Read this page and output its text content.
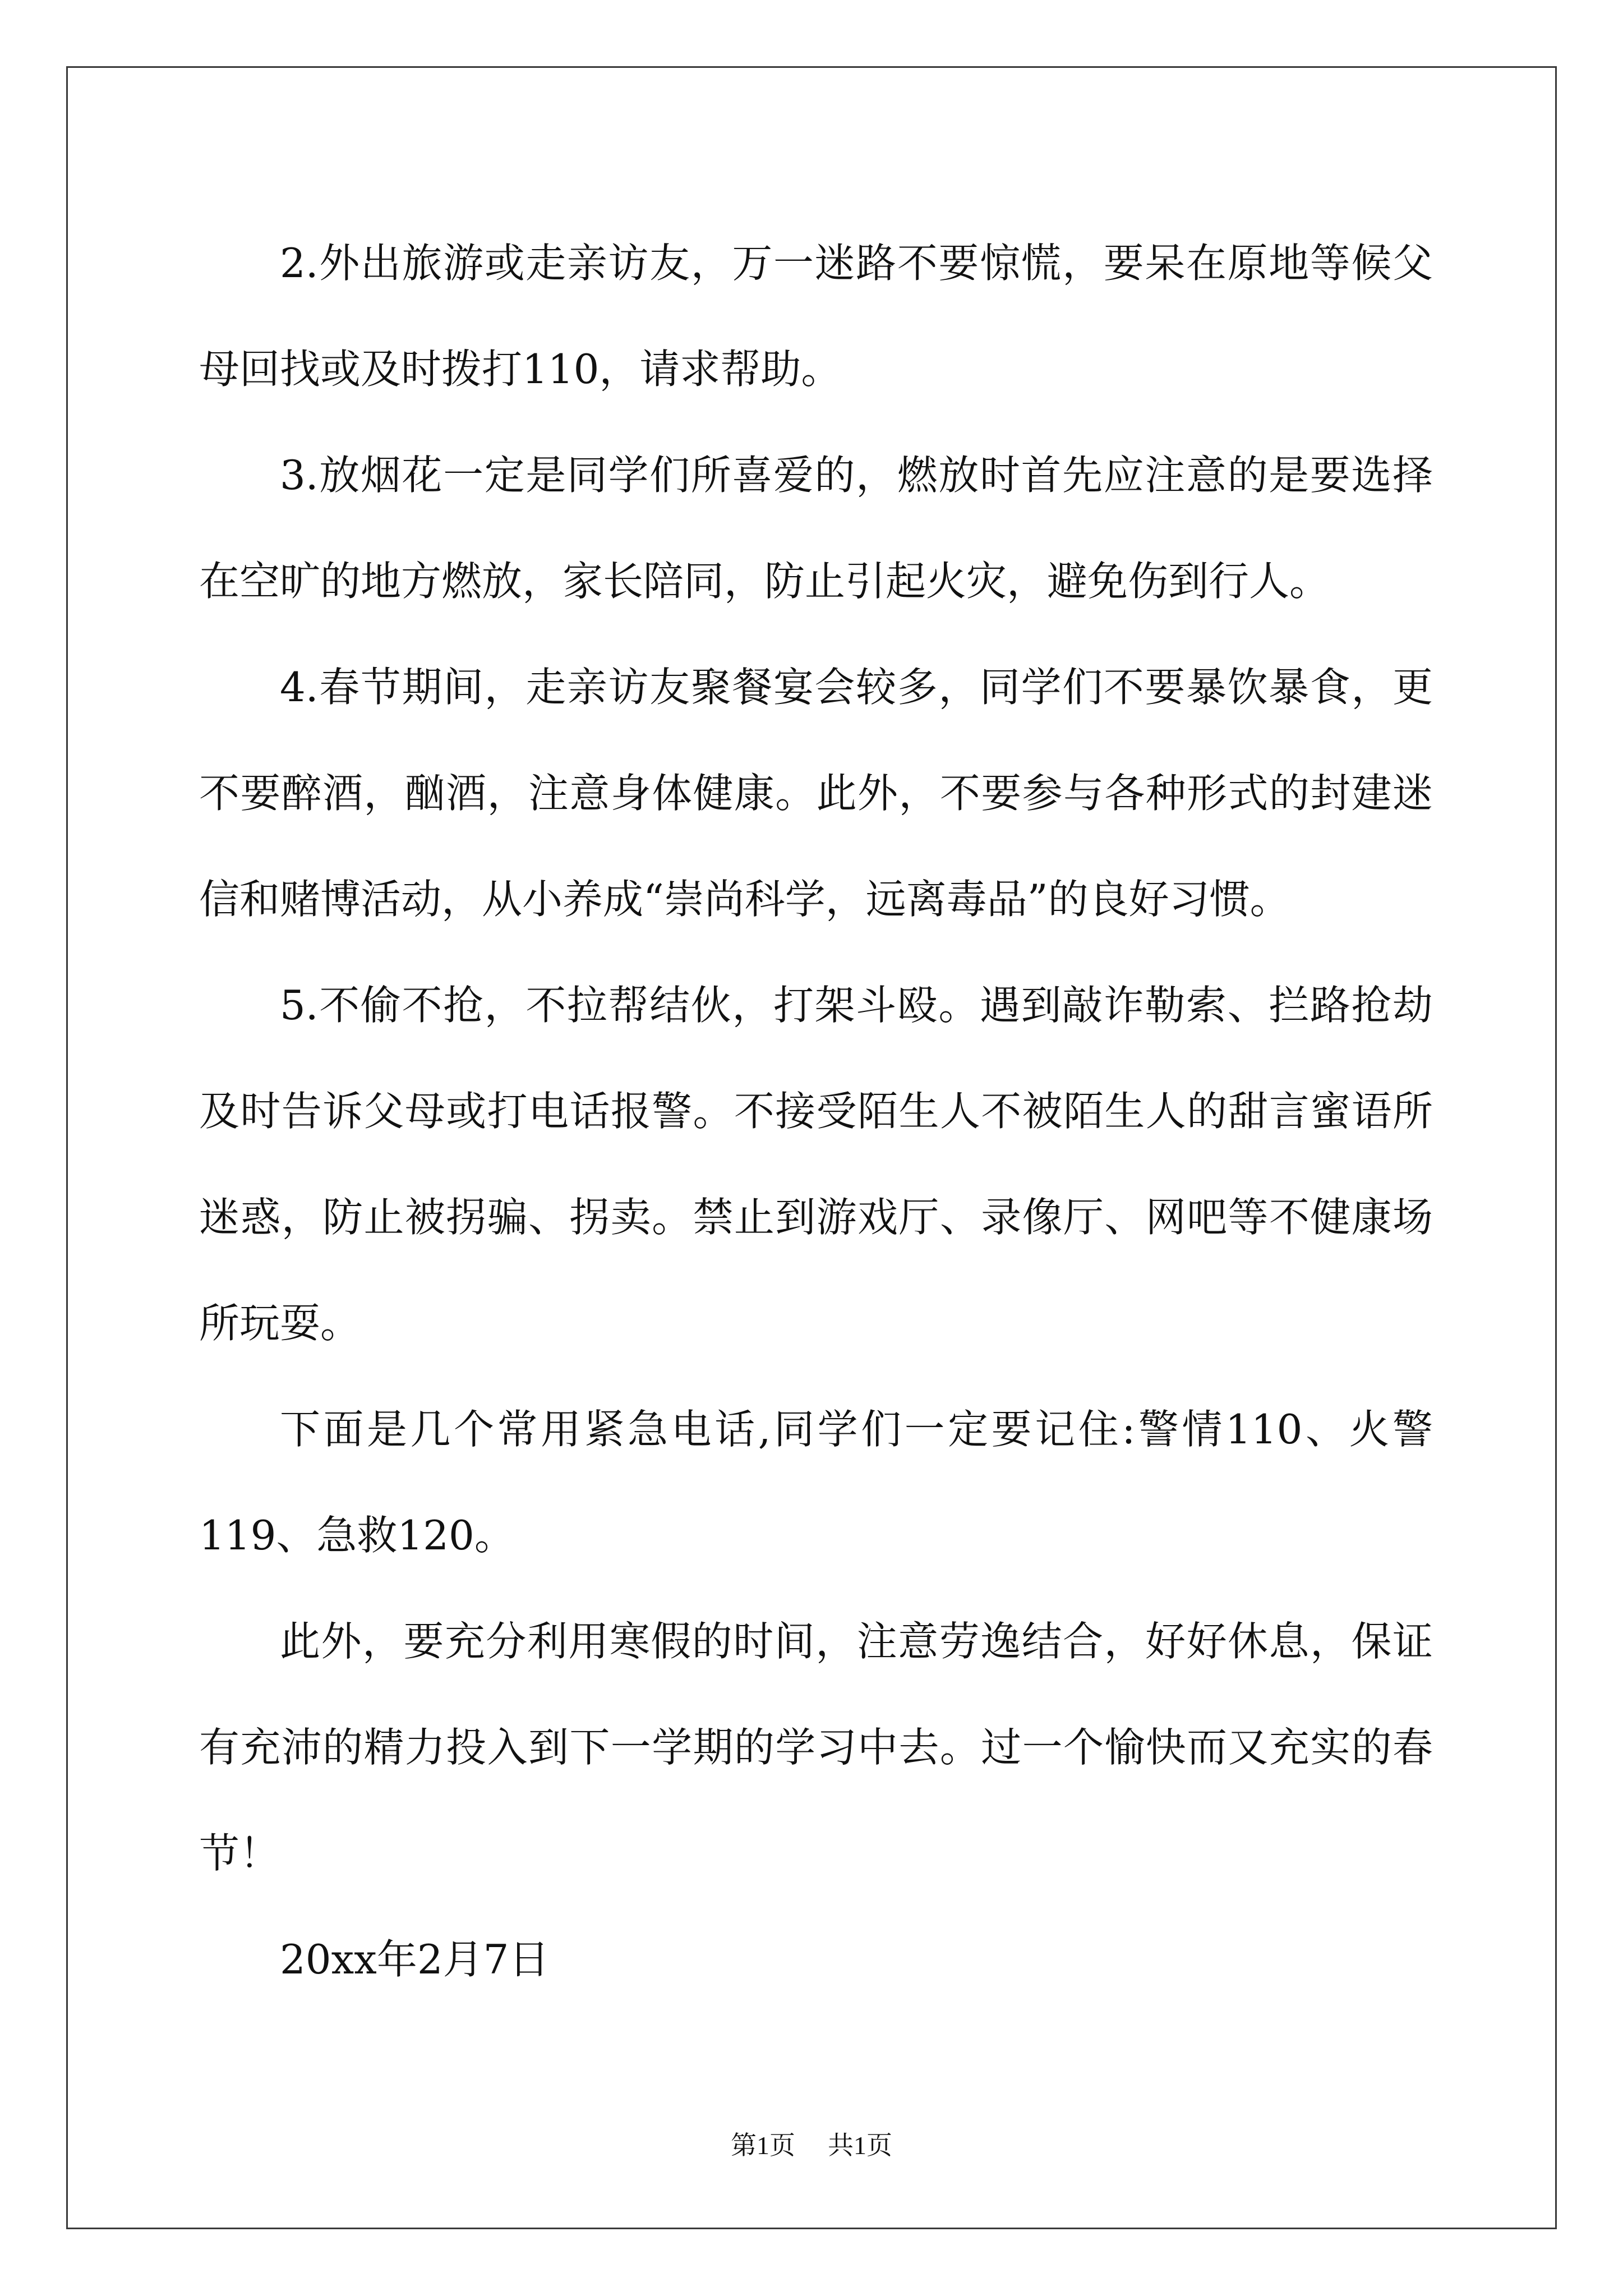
2.外出旅游或走亲访友，万一迷路不要惊慌，要呆在原地等候父母回找或及时拨打110，请求帮助。

3.放烟花一定是同学们所喜爱的，燃放时首先应注意的是要选择在空旷的地方燃放，家长陪同，防止引起火灾，避免伤到行人。

4.春节期间，走亲访友聚餐宴会较多，同学们不要暴饮暴食，更不要醉酒，酗酒，注意身体健康。此外，不要参与各种形式的封建迷信和赌博活动，从小养成“崇尚科学，远离毒品”的良好习惯。

5.不偷不抢，不拉帮结伙，打架斗殴。遇到敲诈勒索、拦路抢劫及时告诉父母或打电话报警。不接受陌生人不被陌生人的甜言蜜语所迷惑，防止被拐骗、拐卖。禁止到游戏厅、录像厅、网吧等不健康场所玩耍。

下面是几个常用紧急电话,同学们一定要记住:警情110、火警119、急救120。

此外，要充分利用寒假的时间，注意劳逸结合，好好休息，保证有充沛的精力投入到下一学期的学习中去。过一个愉快而又充实的春节！

20xx年2月7日

第1页 共1页
